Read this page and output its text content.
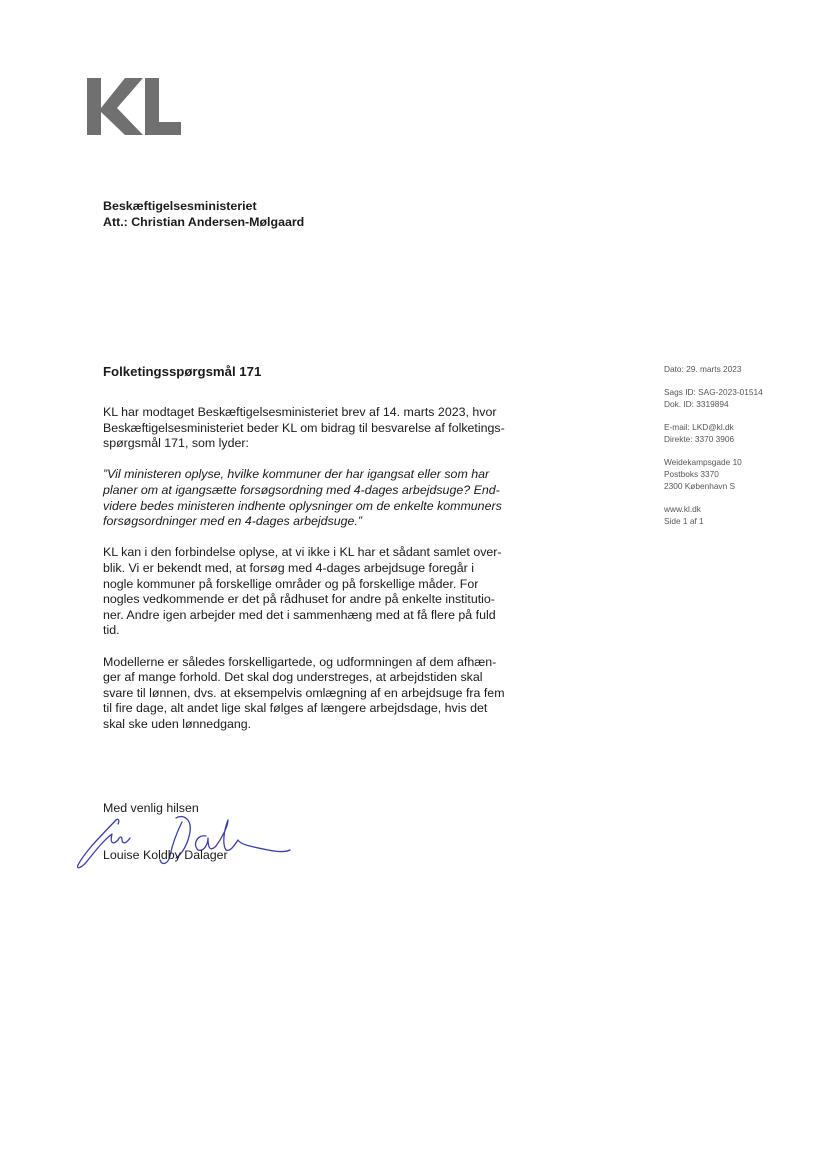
Beskæftigelsesministeriet
Att.: Christian Andersen-Mølgaard
Folketingsspørgsmål 171

KL har modtaget Beskæftigelsesministeriet brev af 14. marts 2023, hvor
Beskæftigelsesministeriet beder KL om bidrag til besvarelse af folketings-
spørgsmål 171, som lyder:

”Vil ministeren oplyse, hvilke kommuner der har igangsat eller som har
planer om at igangsætte forsøgsordning med 4-dages arbejdsuge? End-
videre bedes ministeren indhente oplysninger om de enkelte kommuners
forsøgsordninger med en 4-dages arbejdsuge.”

KL kan i den forbindelse oplyse, at vi ikke i KL har et sådant samlet over-
blik. Vi er bekendt med, at forsøg med 4-dages arbejdsuge foregår i
nogle kommuner på forskellige områder og på forskellige måder. For
nogles vedkommende er det på rådhuset for andre på enkelte institutio-
ner. Andre igen arbejder med det i sammenhæng med at få flere på fuld
tid.

Modellerne er således forskelligartede, og udformningen af dem afhæn-
ger af mange forhold. Det skal dog understreges, at arbejdstiden skal
svare til lønnen, dvs. at eksempelvis omlægning af en arbejdsuge fra fem
til fire dage, alt andet lige skal følges af længere arbejdsdage, hvis det
skal ske uden lønnedgang.

Dato: 29. marts 2023
Sags ID: SAG-2023-01514
Dok. ID: 3319894
E-mail: LKD@kl.dk
Direkte: 3370 3906
Weidekampsgade 10
Postboks 3370
2300 København S
www.kl.dk
Side 1 af 1
Med venlig hilsen
Louise Koldby Dalager
